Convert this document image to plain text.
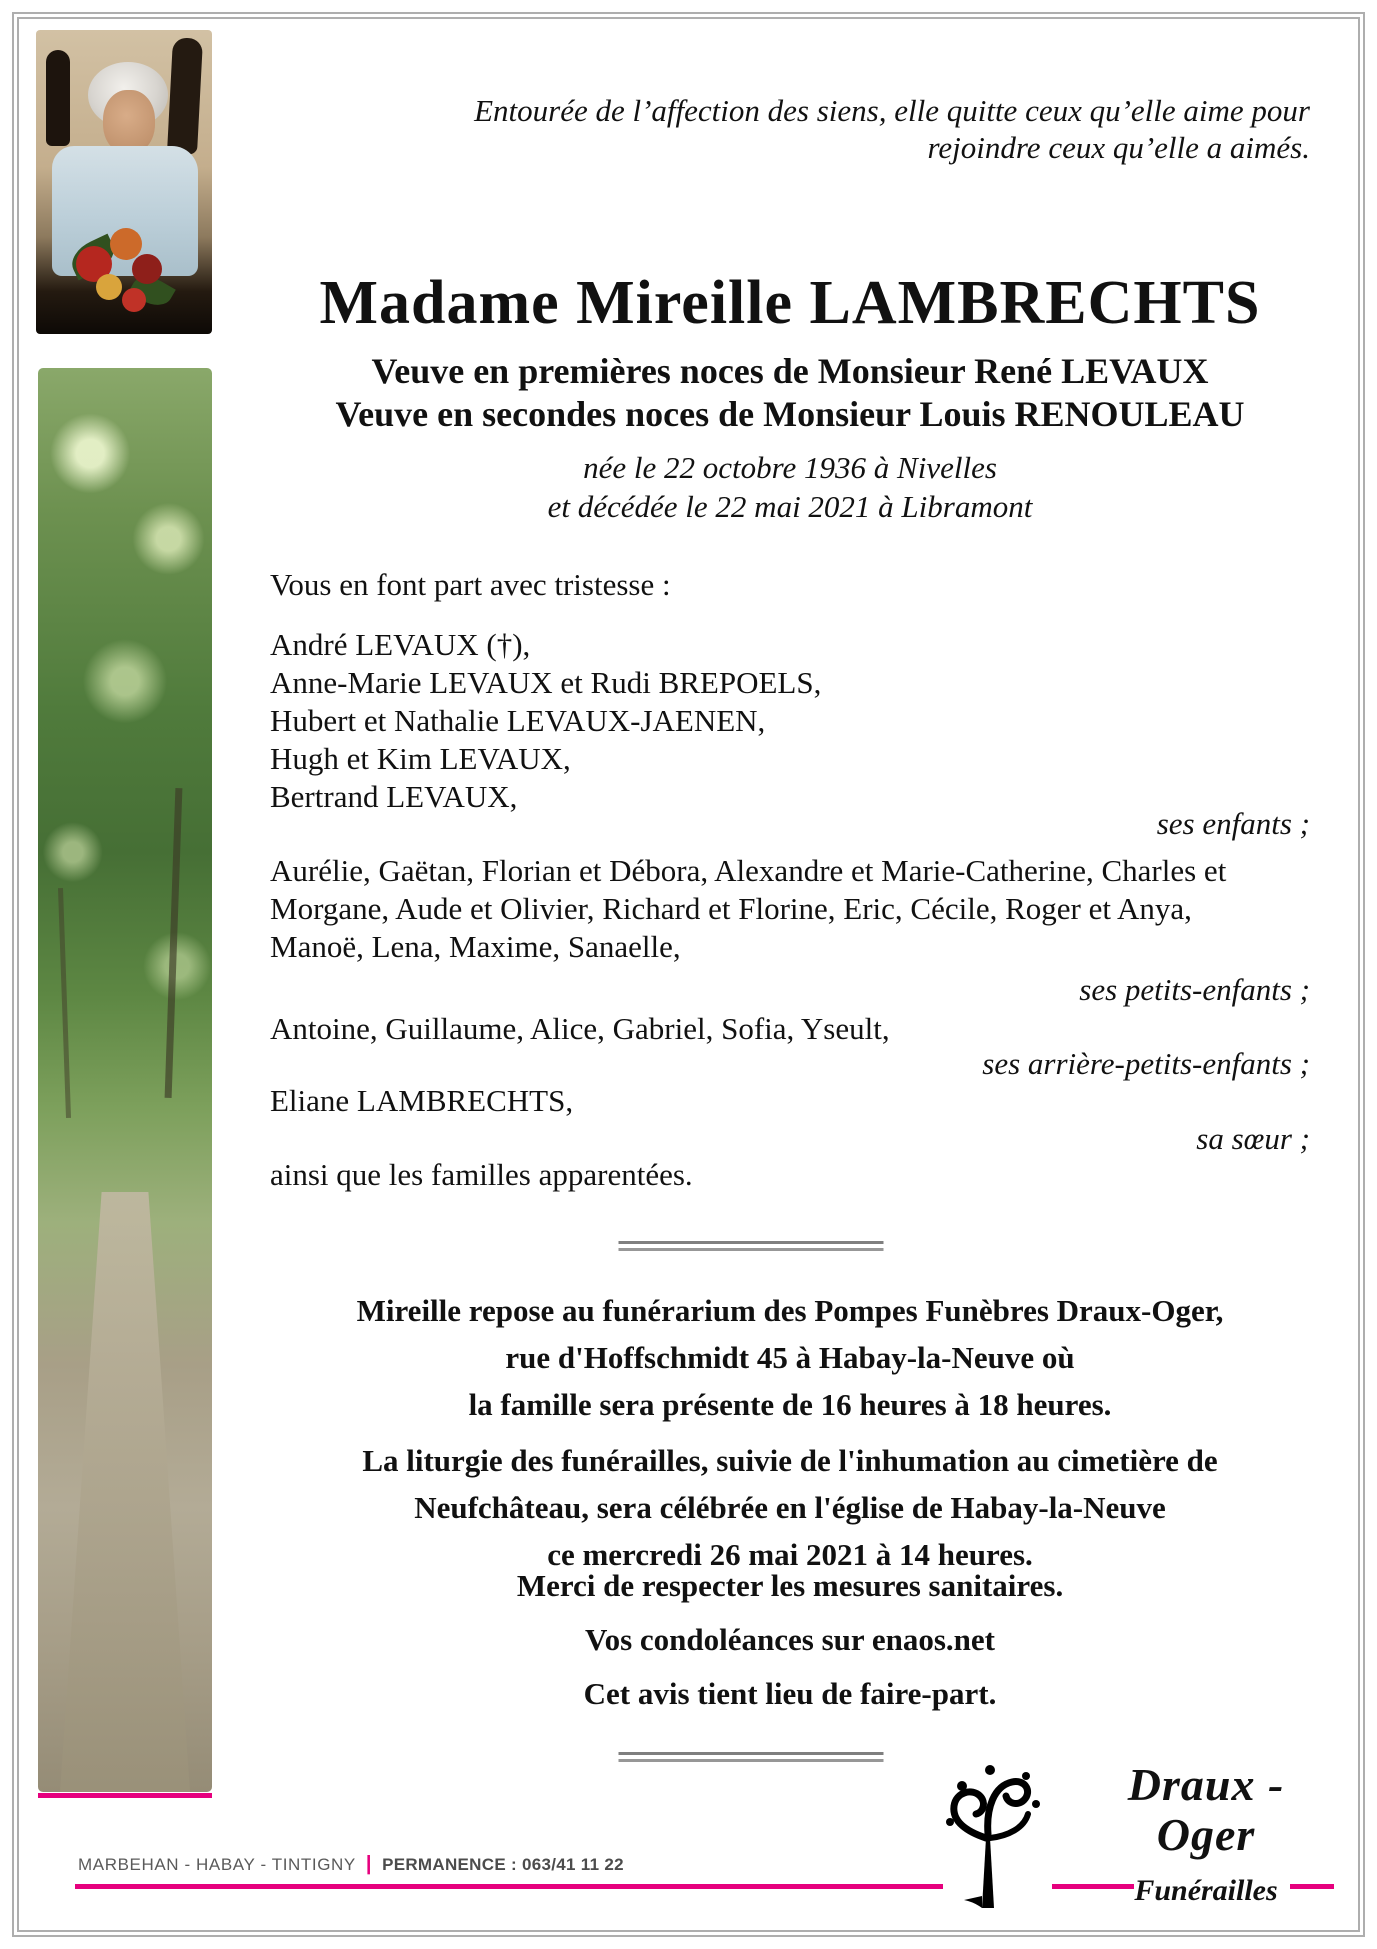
Entourée de l’affection des siens, elle quitte ceux qu’elle aime pour
rejoindre ceux qu’elle a aimés.
Madame Mireille LAMBRECHTS
Veuve en premières noces de Monsieur René LEVAUX
Veuve en secondes noces de Monsieur Louis RENOULEAU
née le 22 octobre 1936 à Nivelles
et décédée le 22 mai 2021 à Libramont
Vous en font part avec tristesse :
André LEVAUX (†),
Anne-Marie LEVAUX et Rudi BREPOELS,
Hubert et Nathalie LEVAUX-JAENEN,
Hugh et Kim LEVAUX,
Bertrand LEVAUX,
ses enfants ;
Aurélie, Gaëtan, Florian et Débora, Alexandre et Marie-Catherine, Charles et
Morgane, Aude et Olivier, Richard et Florine, Eric, Cécile, Roger et Anya,
Manoë, Lena, Maxime, Sanaelle,
ses petits-enfants ;
Antoine, Guillaume, Alice, Gabriel, Sofia, Yseult,
ses arrière-petits-enfants ;
Eliane LAMBRECHTS,
sa sœur ;
ainsi que les familles apparentées.
Mireille repose au funérarium des Pompes Funèbres Draux-Oger,
rue d'Hoffschmidt 45 à Habay-la-Neuve où
la famille sera présente de 16 heures à 18 heures.
La liturgie des funérailles, suivie de l'inhumation au cimetière de
Neufchâteau, sera célébrée en l'église de Habay-la-Neuve
ce mercredi 26 mai 2021 à 14 heures.
Merci de respecter les mesures sanitaires.
Vos condoléances sur enaos.net
Cet avis tient lieu de faire-part.
MARBEHAN - HABAY - TINTIGNY | PERMANENCE : 063/41 11 22
Draux - Oger
Funérailles
